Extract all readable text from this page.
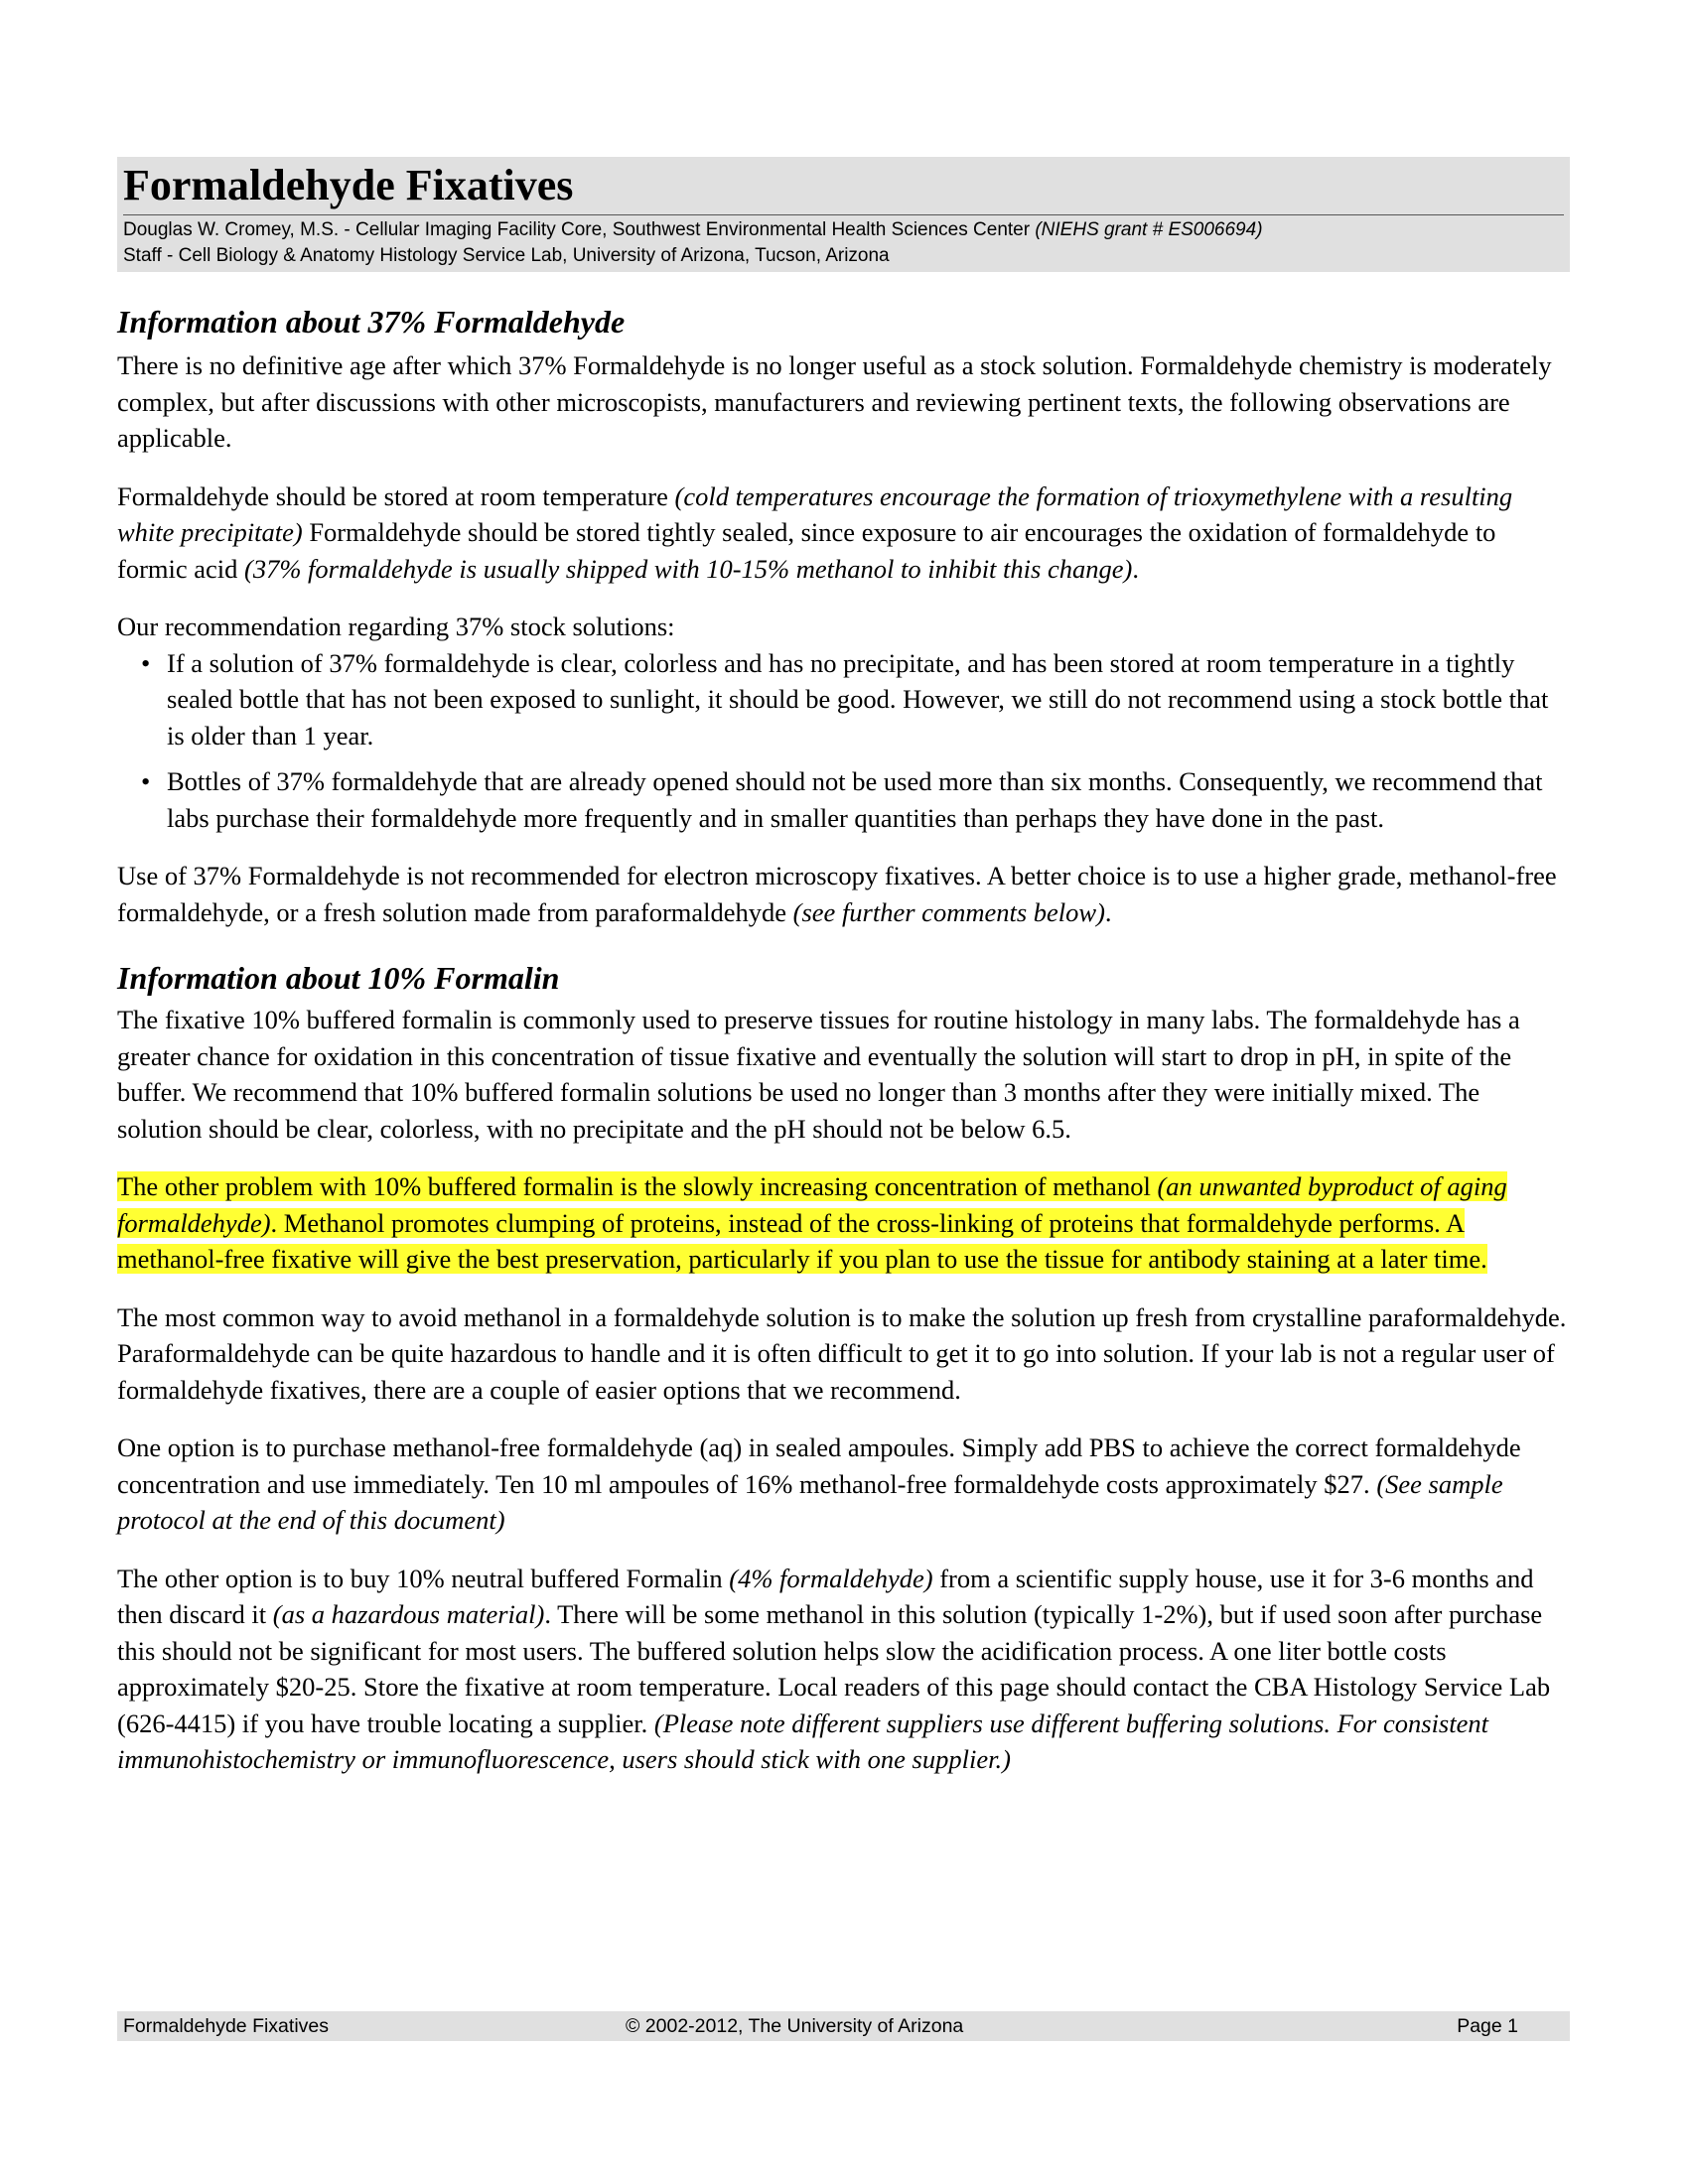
Formaldehyde Fixatives
Douglas W. Cromey, M.S. - Cellular Imaging Facility Core, Southwest Environmental Health Sciences Center (NIEHS grant # ES006694)
Staff - Cell Biology & Anatomy Histology Service Lab, University of Arizona, Tucson, Arizona
Information about 37% Formaldehyde

There is no definitive age after which 37% Formaldehyde is no longer useful as a stock solution. Formaldehyde chemistry is moderately complex, but after discussions with other microscopists, manufacturers and reviewing pertinent texts, the following observations are applicable.

Formaldehyde should be stored at room temperature (cold temperatures encourage the formation of trioxymethylene with a resulting white precipitate) Formaldehyde should be stored tightly sealed, since exposure to air encourages the oxidation of formaldehyde to formic acid (37% formaldehyde is usually shipped with 10-15% methanol to inhibit this change).

Our recommendation regarding 37% stock solutions:

• If a solution of 37% formaldehyde is clear, colorless and has no precipitate, and has been stored at room temperature in a tightly sealed bottle that has not been exposed to sunlight, it should be good. However, we still do not recommend using a stock bottle that is older than 1 year.
• Bottles of 37% formaldehyde that are already opened should not be used more than six months. Consequently, we recommend that labs purchase their formaldehyde more frequently and in smaller quantities than perhaps they have done in the past.

Use of 37% Formaldehyde is not recommended for electron microscopy fixatives. A better choice is to use a higher grade, methanol-free formaldehyde, or a fresh solution made from paraformaldehyde (see further comments below).

Information about 10% Formalin

The fixative 10% buffered formalin is commonly used to preserve tissues for routine histology in many labs. The formaldehyde has a greater chance for oxidation in this concentration of tissue fixative and eventually the solution will start to drop in pH, in spite of the buffer. We recommend that 10% buffered formalin solutions be used no longer than 3 months after they were initially mixed. The solution should be clear, colorless, with no precipitate and the pH should not be below 6.5.

The other problem with 10% buffered formalin is the slowly increasing concentration of methanol (an unwanted byproduct of aging formaldehyde). Methanol promotes clumping of proteins, instead of the cross-linking of proteins that formaldehyde performs. A methanol-free fixative will give the best preservation, particularly if you plan to use the tissue for antibody staining at a later time.

The most common way to avoid methanol in a formaldehyde solution is to make the solution up fresh from crystalline paraformaldehyde. Paraformaldehyde can be quite hazardous to handle and it is often difficult to get it to go into solution. If your lab is not a regular user of formaldehyde fixatives, there are a couple of easier options that we recommend.

One option is to purchase methanol-free formaldehyde (aq) in sealed ampoules. Simply add PBS to achieve the correct formaldehyde concentration and use immediately. Ten 10 ml ampoules of 16% methanol-free formaldehyde costs approximately $27. (See sample protocol at the end of this document)

The other option is to buy 10% neutral buffered Formalin (4% formaldehyde) from a scientific supply house, use it for 3-6 months and then discard it (as a hazardous material). There will be some methanol in this solution (typically 1-2%), but if used soon after purchase this should not be significant for most users. The buffered solution helps slow the acidification process. A one liter bottle costs approximately $20-25. Store the fixative at room temperature. Local readers of this page should contact the CBA Histology Service Lab (626-4415) if you have trouble locating a supplier. (Please note different suppliers use different buffering solutions. For consistent immunohistochemistry or immunofluorescence, users should stick with one supplier.)

Formaldehyde Fixatives	© 2002-2012, The University of Arizona	Page 1
